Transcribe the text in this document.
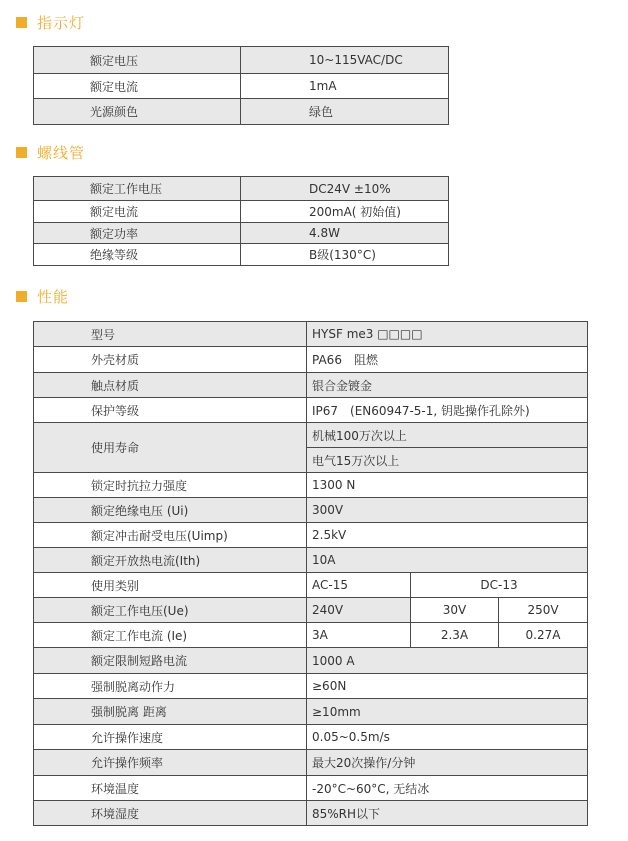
指示灯
额定电压	10~115VAC/DC
额定电流	1mA
光源颜色	绿色
螺线管
额定工作电压	DC24V ±10%
额定电流	200mA( 初始值)
额定功率	4.8W
绝缘等级	B级(130°C)
性能
型号	HYSF me3 □□□□		
外壳材质	PA66　阻燃		
触点材质	银合金镀金		
保护等级	IP67　(EN60947-5-1, 钥匙操作孔除外)		
使用寿命	机械100万次以上		
	电气15万次以上		
锁定时抗拉力强度	1300 N		
额定绝缘电压 (Ui)	300V		
额定冲击耐受电压(Uimp)	2.5kV		
额定开放热电流(Ith)	10A		
使用类别	AC-15	DC-13	
额定工作电压(Ue)	240V	30V	250V
额定工作电流 (Ie)	3A	2.3A	0.27A
额定限制短路电流	1000 A		
强制脱离动作力	≥60N		
强制脱离 距离	≥10mm		
允许操作速度	0.05~0.5m/s		
允许操作频率	最大20次操作/分钟		
环境温度	-20°C~60°C, 无结冰		
环境湿度	85%RH以下		
